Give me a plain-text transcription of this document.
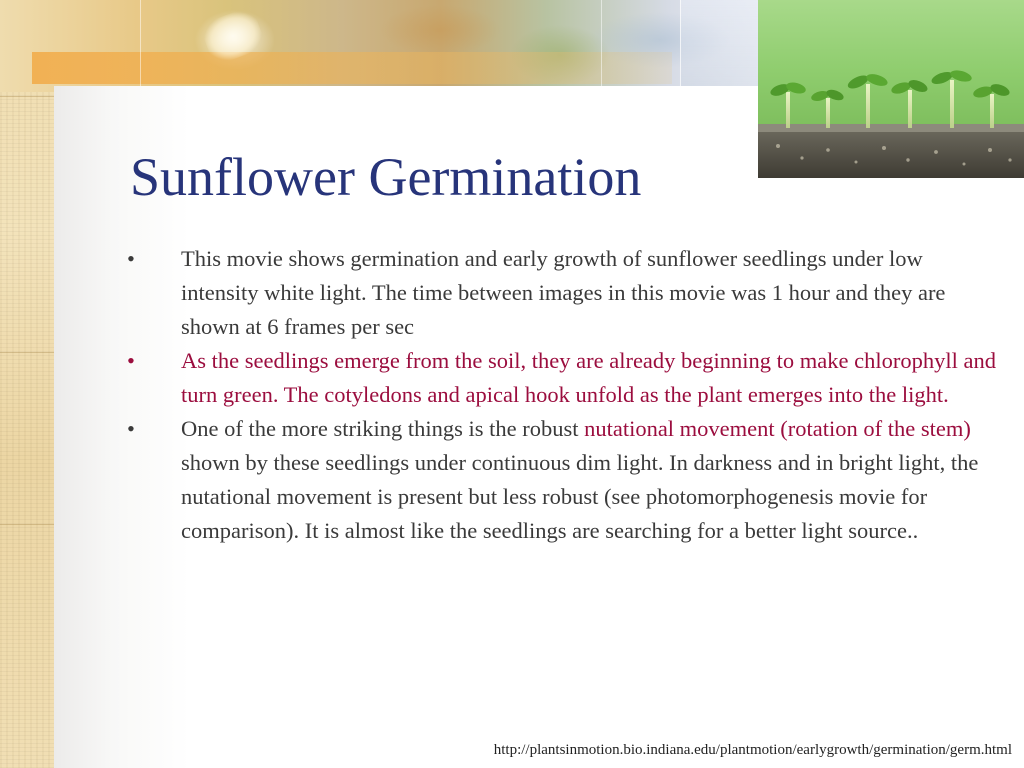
Sunflower Germination
•	This movie shows germination and early growth of sunflower seedlings under low intensity white light. The time between images in this movie was 1 hour and they are shown at 6 frames per sec
•	As the seedlings emerge from the soil, they are already beginning to make chlorophyll and turn green. The cotyledons and apical hook unfold as the plant emerges into the light.
•	One of the more striking things is the robust nutational movement (rotation of the stem) shown by these seedlings under continuous dim light. In darkness and in bright light, the nutational movement is present but less robust (see photomorphogenesis movie for comparison). It is almost like the seedlings are searching for a better light source..
http://plantsinmotion.bio.indiana.edu/plantmotion/earlygrowth/germination/germ.html
